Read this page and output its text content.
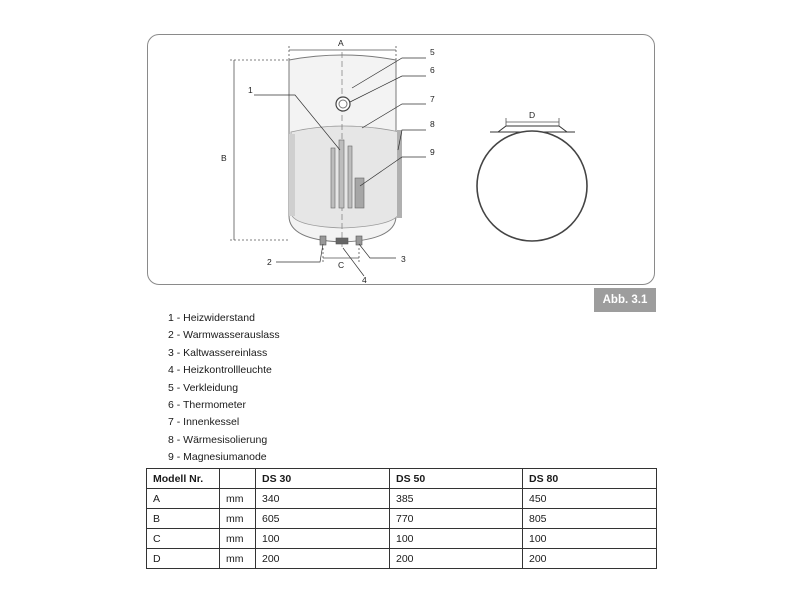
A
B
C
1
2	3
4
5
6
7
8
9
D
Abb. 3.1
1 - Heizwiderstand
2 - Warmwasserauslass
3 - Kaltwassereinlass
4 - Heizkontrollleuchte
5 - Verkleidung
6 - Thermometer
7 - Innenkessel
8 - Wärmesisolierung
9 - Magnesiumanode
Modell Nr.		DS 30	DS 50	DS 80
A	mm	340	385	450
B	mm	605	770	805
C	mm	100	100	100
D	mm	200	200	200
